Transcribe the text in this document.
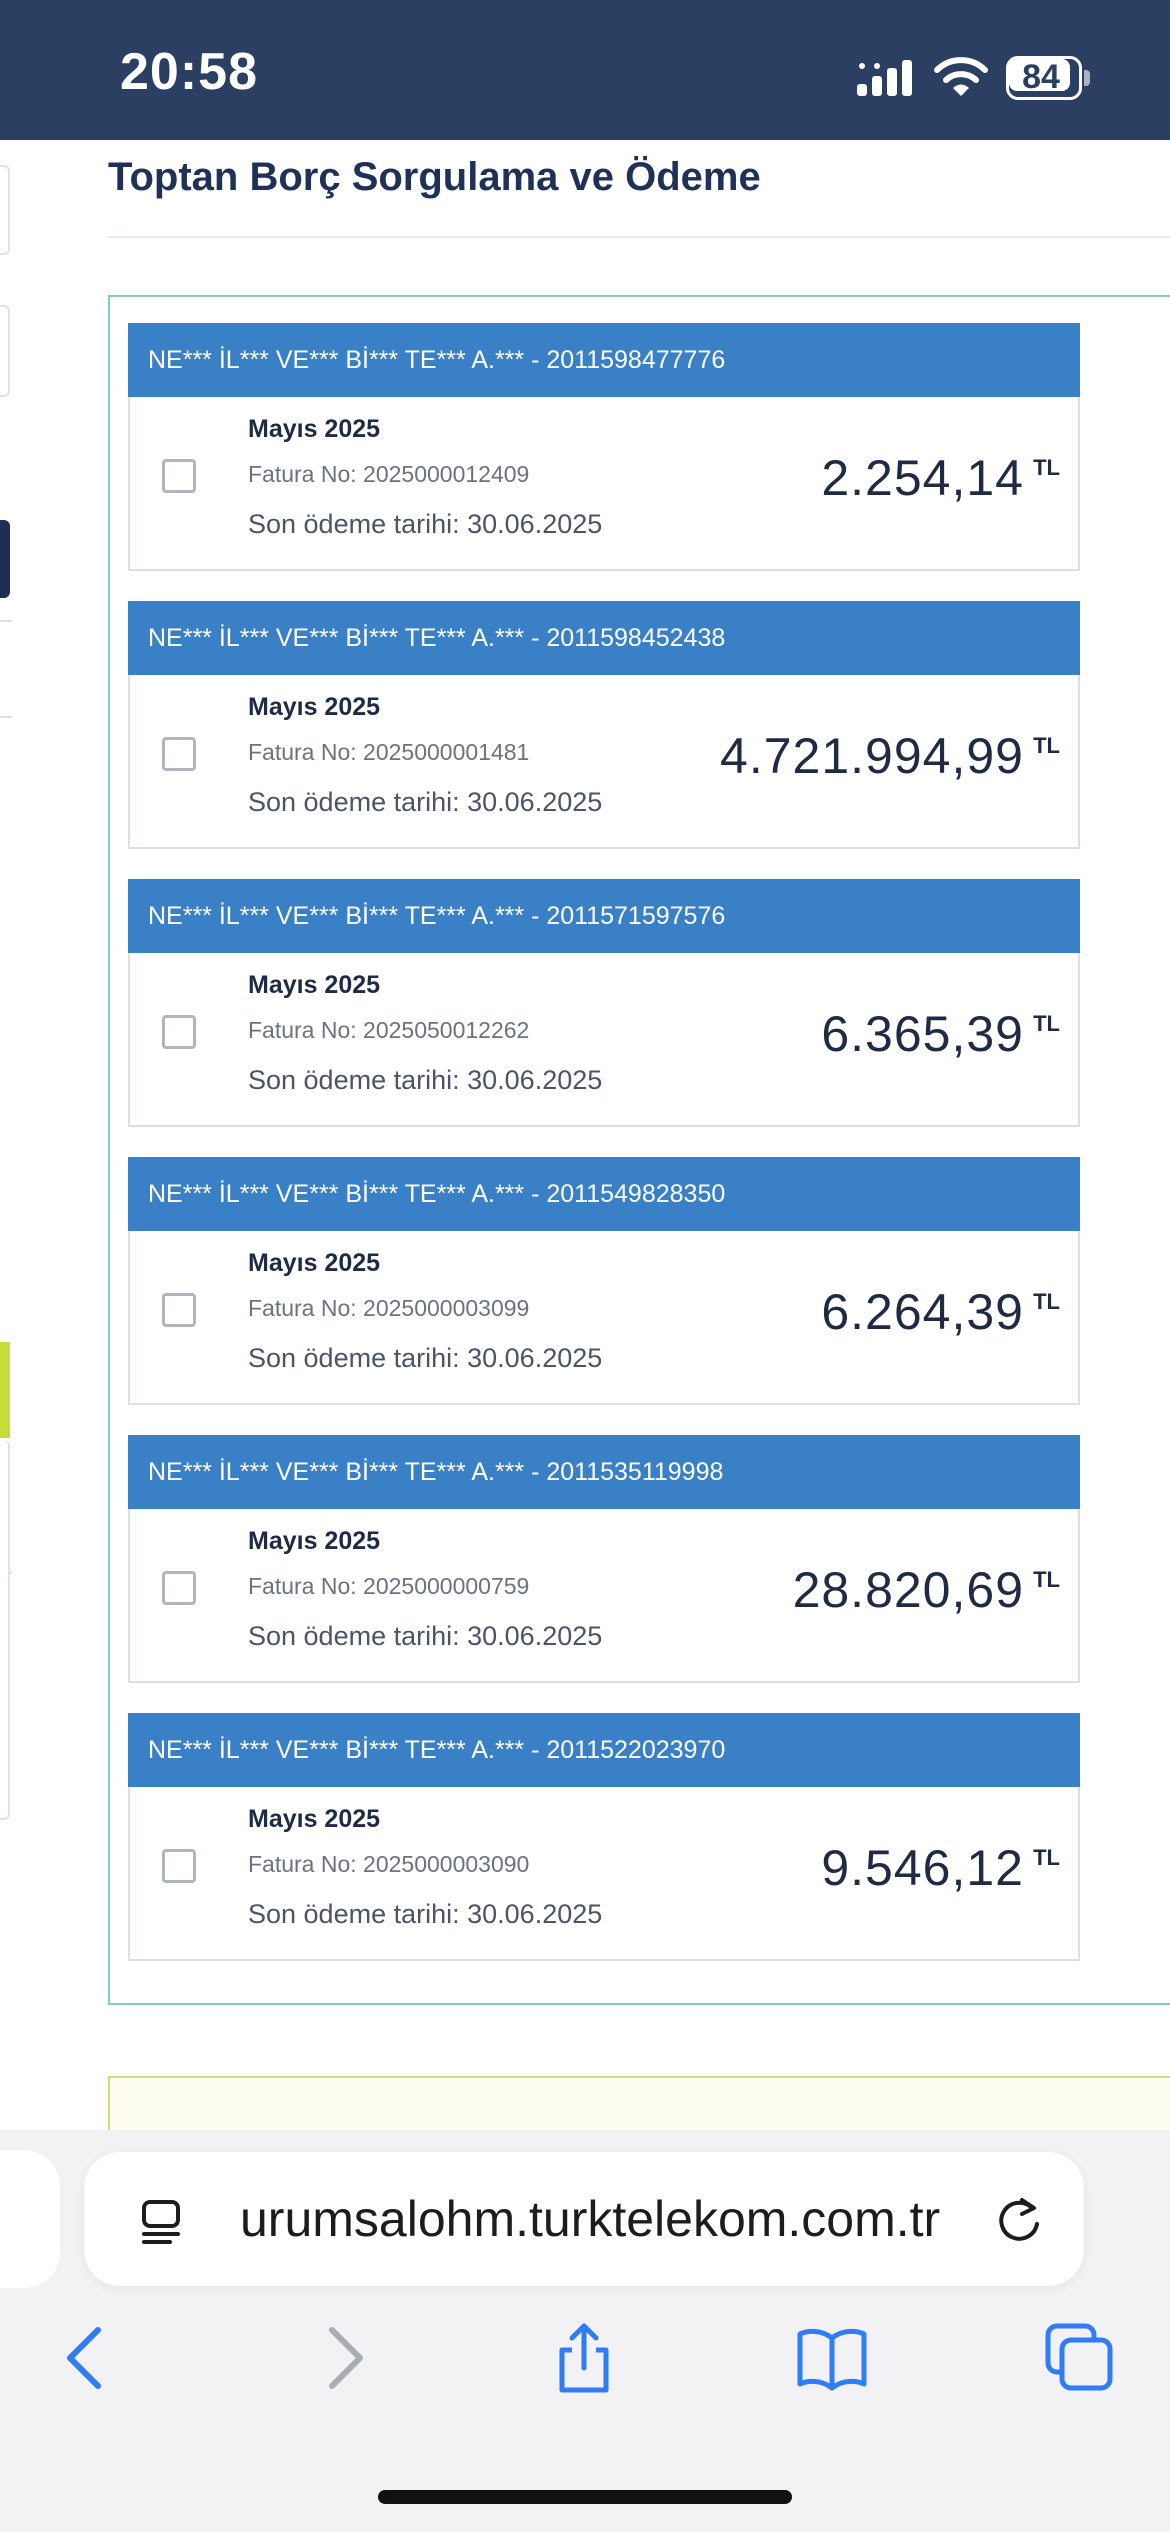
20:58	84
Toptan Borç Sorgulama ve Ödeme
NE*** İL*** VE*** Bİ*** TE*** A.*** - 2011598477776
Mayıs 2025
Fatura No: 2025000012409
Son ödeme tarihi: 30.06.2025
2.254,14 TL
NE*** İL*** VE*** Bİ*** TE*** A.*** - 2011598452438
Mayıs 2025
Fatura No: 2025000001481
Son ödeme tarihi: 30.06.2025
4.721.994,99 TL
NE*** İL*** VE*** Bİ*** TE*** A.*** - 2011571597576
Mayıs 2025
Fatura No: 2025050012262
Son ödeme tarihi: 30.06.2025
6.365,39 TL
NE*** İL*** VE*** Bİ*** TE*** A.*** - 2011549828350
Mayıs 2025
Fatura No: 2025000003099
Son ödeme tarihi: 30.06.2025
6.264,39 TL
NE*** İL*** VE*** Bİ*** TE*** A.*** - 2011535119998
Mayıs 2025
Fatura No: 2025000000759
Son ödeme tarihi: 30.06.2025
28.820,69 TL
NE*** İL*** VE*** Bİ*** TE*** A.*** - 2011522023970
Mayıs 2025
Fatura No: 2025000003090
Son ödeme tarihi: 30.06.2025
9.546,12 TL
urumsalohm.turktelekom.com.tr
